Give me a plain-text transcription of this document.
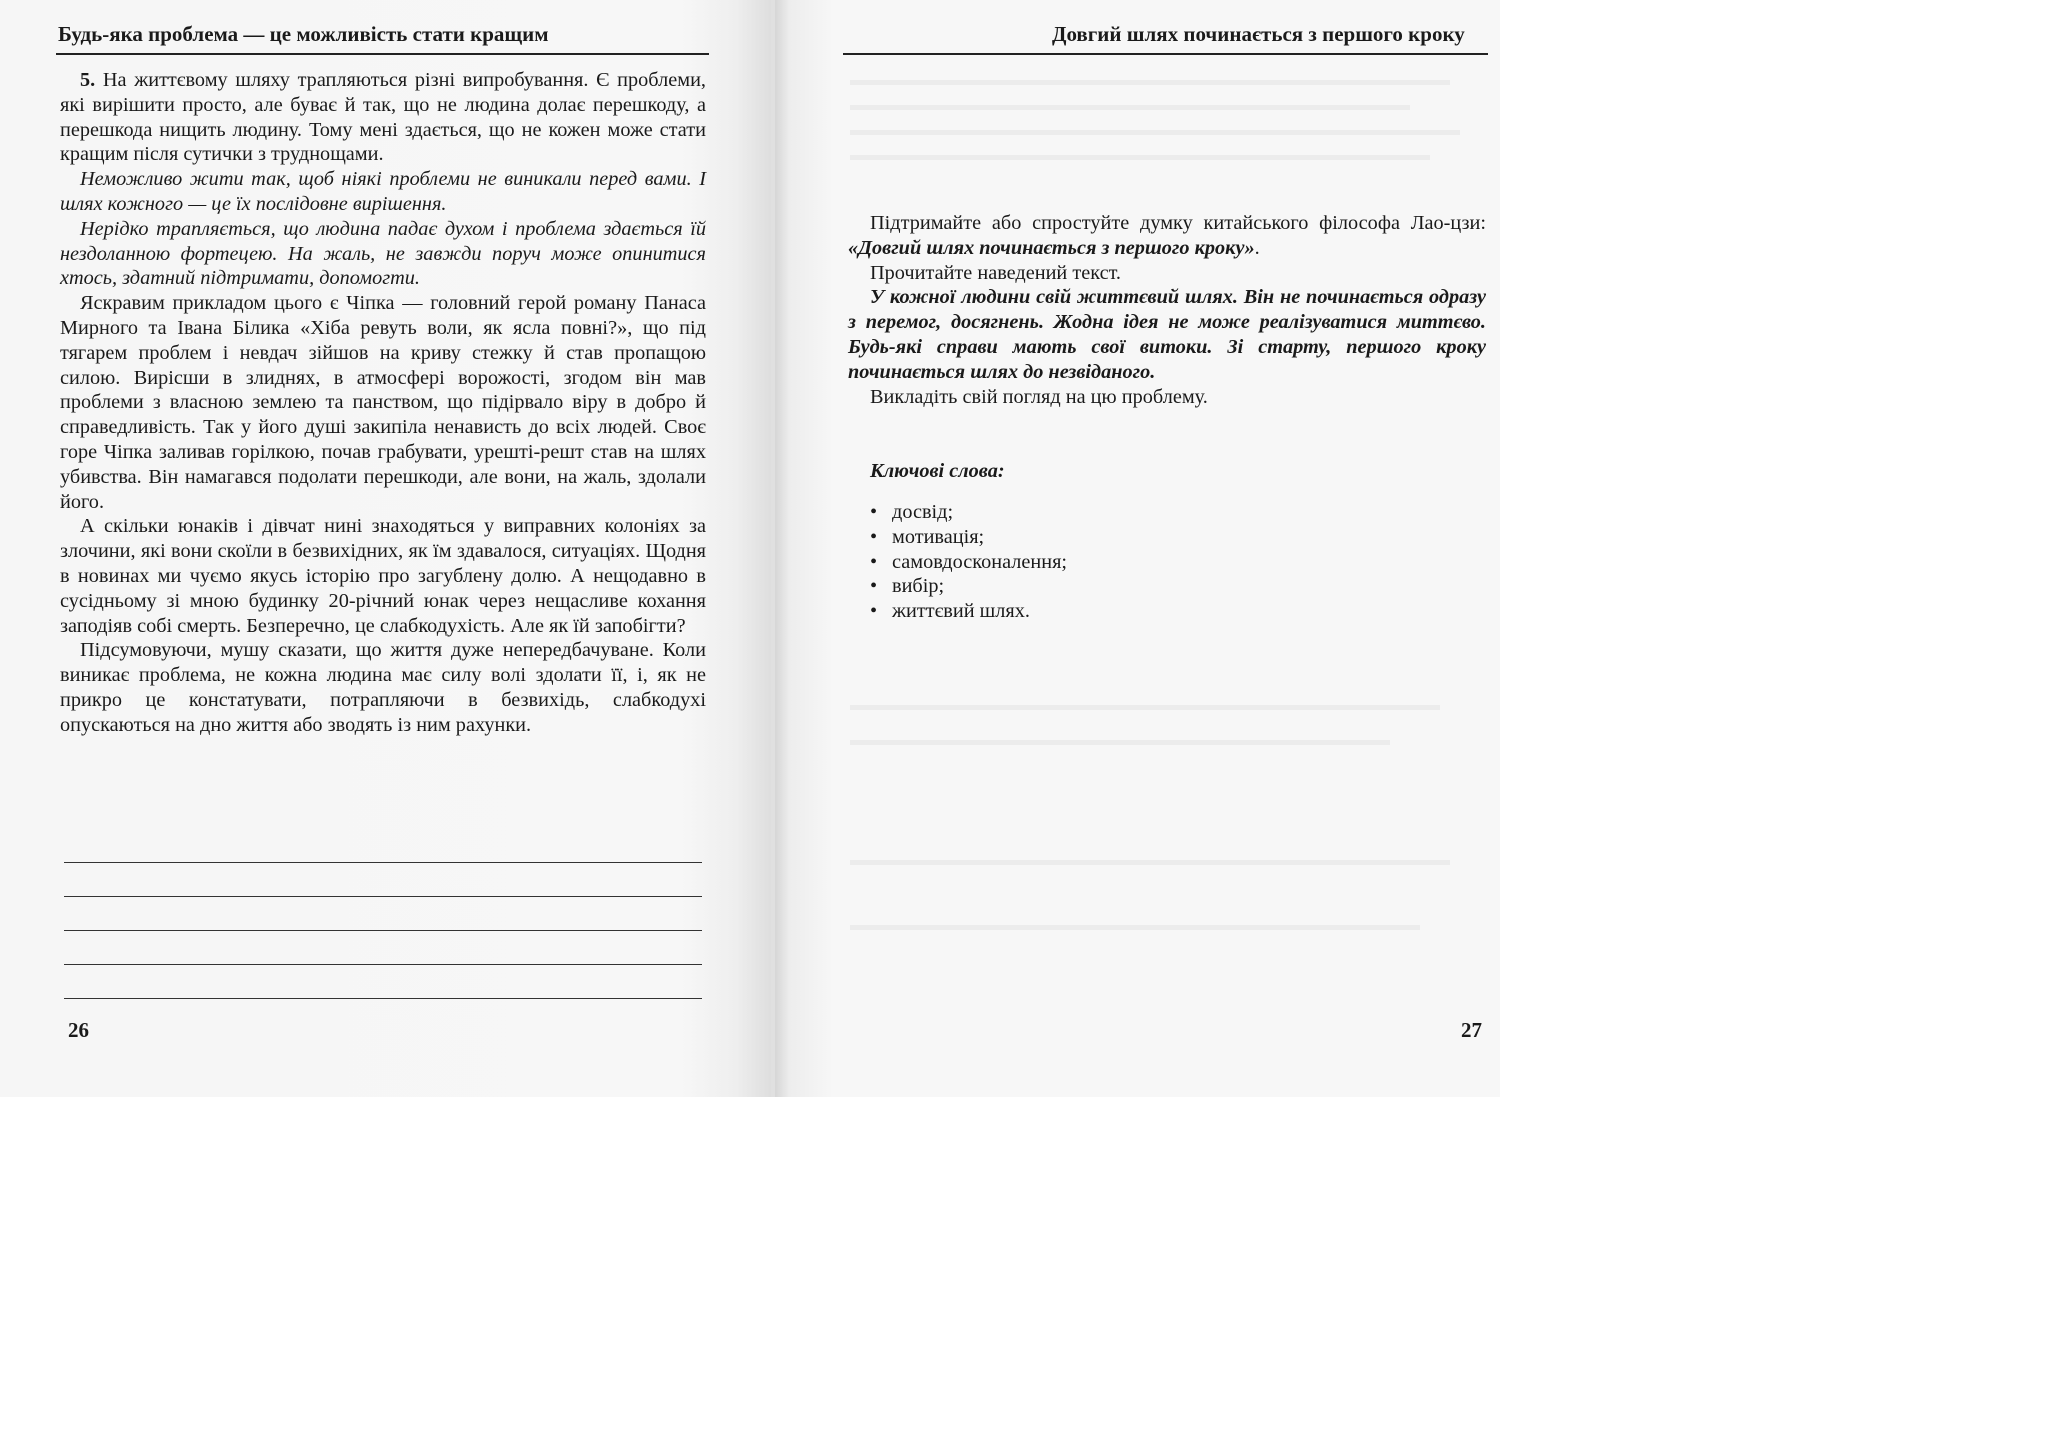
Будь-яка проблема — це можливість стати кращим

5. На життєвому шляху трапляються різні випробування. Є проблеми, які вирішити просто, але буває й так, що не людина долає перешкоду, а перешкода нищить людину. Тому мені здається, що не кожен може стати кращим після сутички з труднощами.

Неможливо жити так, щоб ніякі проблеми не виникали перед вами. І шлях кожного — це їх послідовне вирішення.

Нерідко трапляється, що людина падає духом і проблема здається їй нездоланною фортецею. На жаль, не завжди поруч може опинитися хтось, здатний підтримати, допомогти.

Яскравим прикладом цього є Чіпка — головний герой роману Панаса Мирного та Івана Білика «Хіба ревуть воли, як ясла повні?», що під тягарем проблем і невдач зійшов на криву стежку й став пропащою силою. Виріcши в злиднях, в атмосфері ворожості, згодом він мав проблеми з власною землею та панством, що підірвало віру в добро й справедливість. Так у його душі закипіла ненависть до всіх людей. Своє горе Чіпка заливав горілкою, почав грабувати, урешті-решт став на шлях убивства. Він намагався подолати перешкоди, але вони, на жаль, здолали його.

А скільки юнаків і дівчат нині знаходяться у виправних колоніях за злочини, які вони скоїли в безвихідних, як їм здавалося, ситуаціях. Щодня в новинах ми чуємо якусь історію про загублену долю. А нещодавно в сусідньому зі мною будинку 20-річний юнак через нещасливе кохання заподіяв собі смерть. Безперечно, це слабкодухість. Але як їй запобігти?

Підсумовуючи, мушу сказати, що життя дуже непередбачуване. Коли виникає проблема, не кожна людина має силу волі здолати її, і, як не прикро це констатувати, потрапляючи в безвихідь, слабкодухі опускаються на дно життя або зводять із ним рахунки.

26
Довгий шлях починається з першого кроку

Підтримайте або спростуйте думку китайського філософа Лао-цзи: «Довгий шлях починається з першого кроку».

Прочитайте наведений текст.

У кожної людини свій життєвий шлях. Він не починається одразу з перемог, досягнень. Жодна ідея не може реалізуватися миттєво. Будь-які справи мають свої витоки. Зі старту, першого кроку починається шлях до незвіданого.

Викладіть свій погляд на цю проблему.

Ключові слова:
• досвід;
• мотивація;
• самовдосконалення;
• вибір;
• життєвий шлях.
27
